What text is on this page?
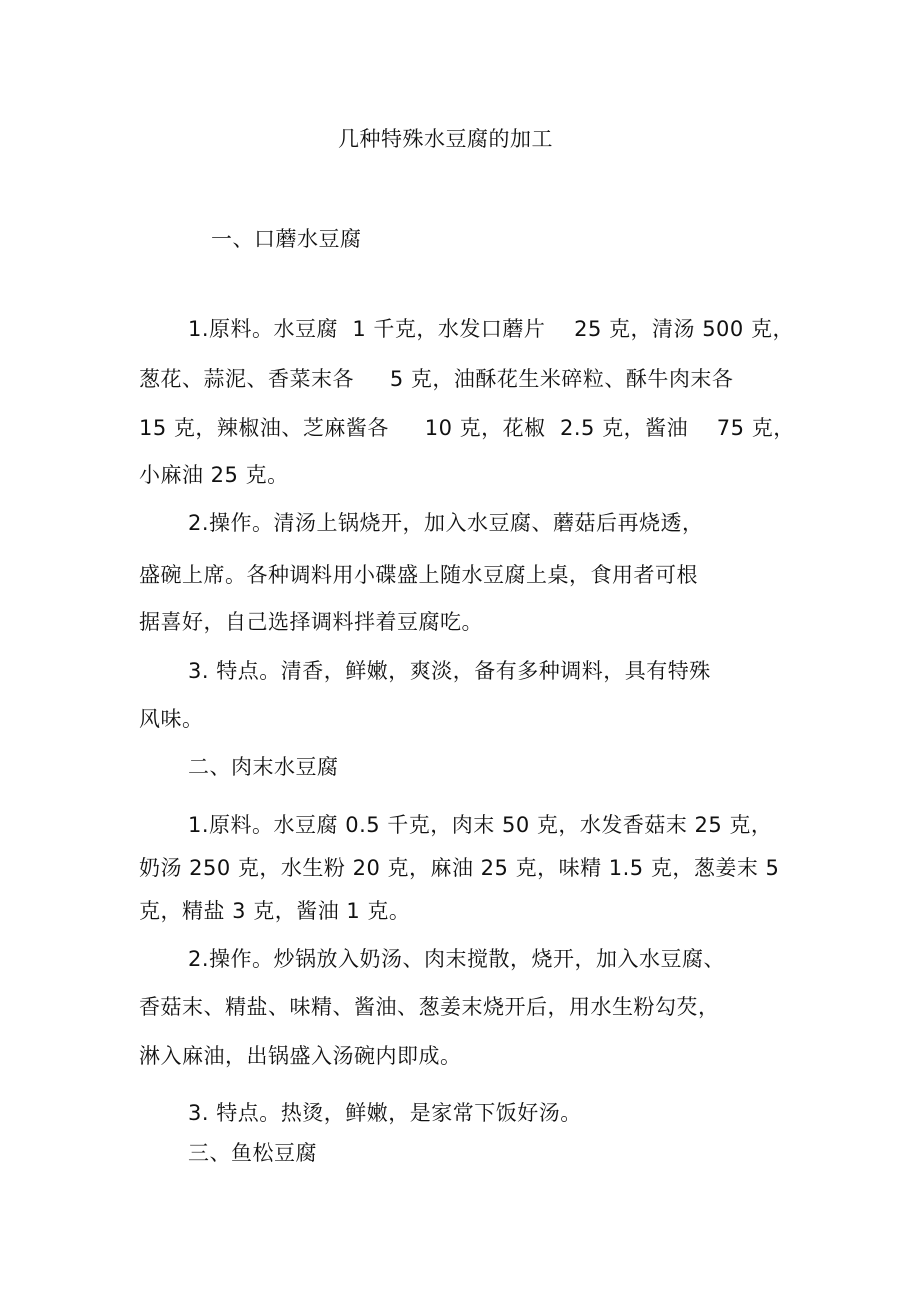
几种特殊水豆腐的加工
一、口蘑水豆腐
1.原料。水豆腐  1 千克，水发口蘑片    25 克，清汤 500 克，
葱花、蒜泥、香菜末各     5 克，油酥花生米碎粒、酥牛肉末各
15 克，辣椒油、芝麻酱各     10 克，花椒  2.5 克，酱油    75 克，
小麻油 25 克。
2.操作。清汤上锅烧开，加入水豆腐、蘑菇后再烧透，
盛碗上席。各种调料用小碟盛上随水豆腐上桌，食用者可根
据喜好，自己选择调料拌着豆腐吃。
3. 特点。清香，鲜嫩，爽淡，备有多种调料，具有特殊
风味。
二、肉末水豆腐
1.原料。水豆腐 0.5 千克，肉末 50 克，水发香菇末 25 克，
奶汤 250 克，水生粉 20 克，麻油 25 克，味精 1.5 克，葱姜末 5
克，精盐 3 克，酱油 1 克。
2.操作。炒锅放入奶汤、肉末搅散，烧开，加入水豆腐、
香菇末、精盐、味精、酱油、葱姜末烧开后，用水生粉勾芡，
淋入麻油，出锅盛入汤碗内即成。
3. 特点。热烫，鲜嫩，是家常下饭好汤。
三、鱼松豆腐
